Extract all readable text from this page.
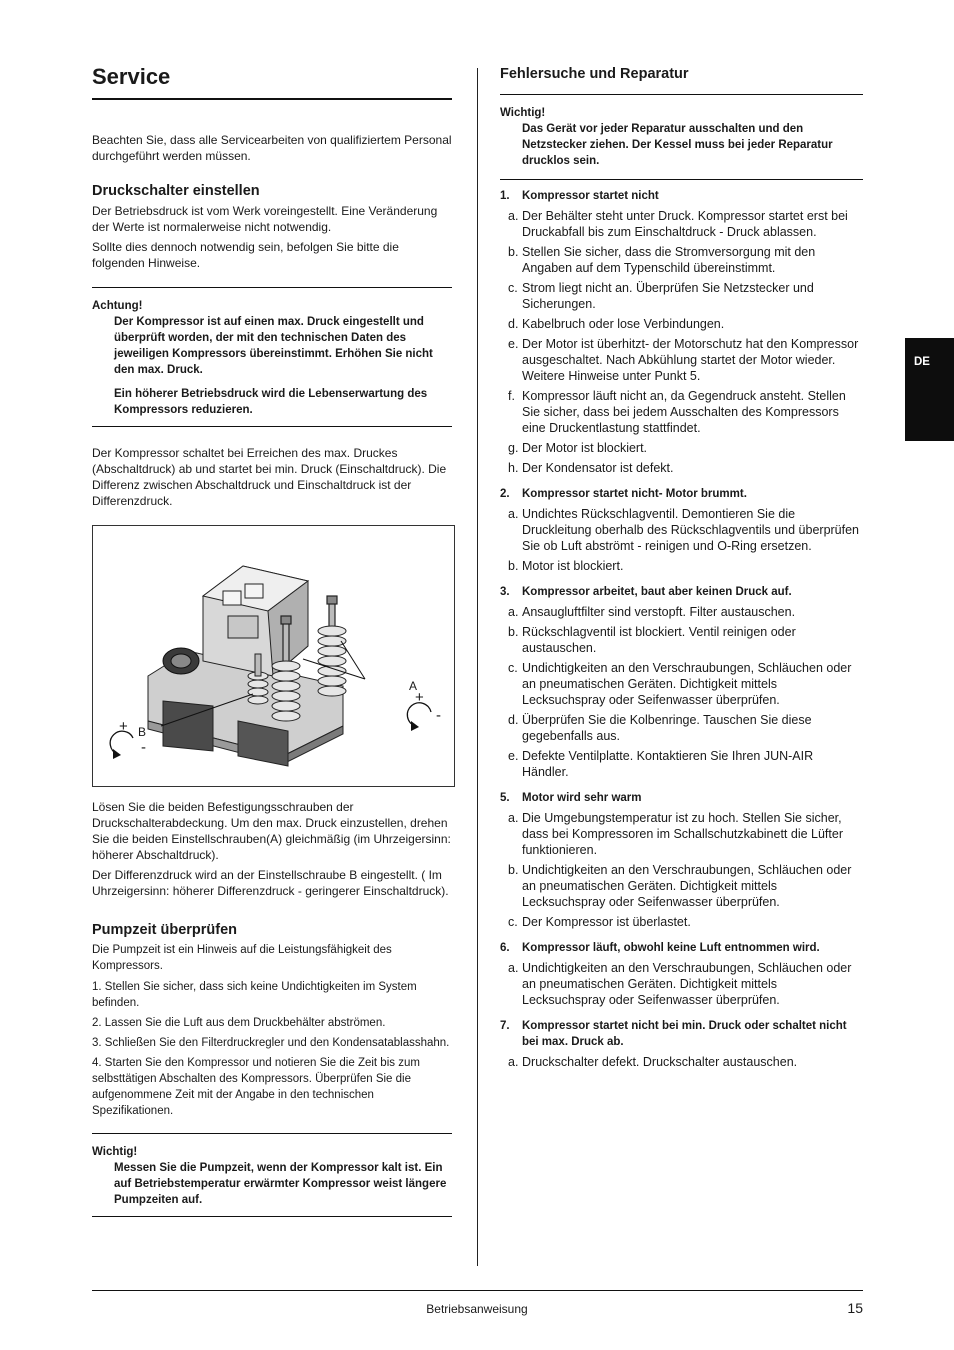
Service

Beachten Sie, dass alle Servicearbeiten von qualifiziertem Personal durchgeführt werden müssen.

Druckschalter einstellen

Der Betriebsdruck ist vom Werk voreingestellt. Eine Veränderung der Werte ist normalerweise nicht notwendig.

Sollte dies dennoch notwendig sein, befolgen Sie bitte die folgenden Hinweise.

Achtung!

Der Kompressor ist auf einen max. Druck eingestellt und überprüft worden, der mit den technischen Daten des jeweiligen Kompressors übereinstimmt. Erhöhen Sie nicht den max. Druck.

Ein höherer Betriebsdruck wird die Lebenserwartung des Kompressors reduzieren.

Der Kompressor schaltet bei Erreichen des max. Druckes (Abschaltdruck) ab und startet bei min. Druck (Einschaltdruck). Die Differenz zwischen Abschaltdruck und Einschaltdruck ist der Differenzdruck.

A
B
+
-
+
-

Lösen Sie die beiden Befestigungsschrauben der Druckschalterabdeckung. Um den max. Druck einzustellen, drehen Sie die beiden Einstellschrauben(A) gleichmäßig (im Uhrzeigersinn: höherer Abschaltdruck).

Der Differenzdruck wird an der Einstellschraube B eingestellt. ( Im Uhrzeigersinn: höherer Differenzdruck - geringerer Einschaltdruck).

Pumpzeit überprüfen

Die Pumpzeit ist ein Hinweis auf die Leistungsfähigkeit des Kompressors.

1. Stellen Sie sicher, dass sich keine Undichtigkeiten im System befinden.

2. Lassen Sie die Luft aus dem Druckbehälter abströmen.

3. Schließen Sie den Filterdruckregler und den Kondensatablasshahn.

4. Starten Sie den Kompressor und notieren Sie die Zeit bis zum selbsttätigen Abschalten des Kompressors. Überprüfen Sie die aufgenommene Zeit mit der Angabe in den technischen Spezifikationen.

Wichtig!

Messen Sie die Pumpzeit, wenn der Kompressor kalt ist. Ein auf Betriebstemperatur erwärmter Kompressor weist längere Pumpzeiten auf.

Fehlersuche und Reparatur
Wichtig!

Das Gerät vor jeder Reparatur ausschalten und den Netzstecker ziehen. Der Kessel muss bei jeder Reparatur drucklos sein.

1.	Kompressor startet nicht
a. Der Behälter steht unter Druck. Kompressor startet erst bei Druckabfall bis zum Einschaltdruck - Druck ablassen.
b. Stellen Sie sicher, dass die Stromversorgung mit den Angaben auf dem Typenschild übereinstimmt.
c. Strom liegt nicht an. Überprüfen Sie Netzstecker und Sicherungen.
d. Kabelbruch oder lose Verbindungen.
e. Der Motor ist überhitzt- der Motorschutz hat den Kompressor ausgeschaltet. Nach Abkühlung startet der Motor wieder. Weitere Hinweise unter Punkt 5.
f. Kompressor läuft nicht an, da Gegendruck ansteht. Stellen Sie sicher, dass bei jedem Ausschalten des Kompressors eine Druckentlastung stattfindet.
g. Der Motor ist blockiert.
h. Der Kondensator ist defekt.
2.	Kompressor startet nicht- Motor brummt.
a. Undichtes Rückschlagventil. Demontieren Sie die Druckleitung oberhalb des Rückschlagventils und überprüfen Sie ob Luft abströmt - reinigen und O-Ring ersetzen.
b. Motor ist blockiert.
3.	Kompressor arbeitet, baut aber keinen Druck auf.
a. Ansaugluftfilter sind verstopft. Filter austauschen.
b. Rückschlagventil ist blockiert. Ventil reinigen oder austauschen.
c. Undichtigkeiten an den Verschraubungen, Schläuchen oder an pneumatischen Geräten. Dichtigkeit mittels Lecksuchspray oder Seifenwasser überprüfen.
d. Überprüfen Sie die Kolbenringe. Tauschen Sie diese gegebenfalls aus.
e. Defekte Ventilplatte. Kontaktieren Sie Ihren JUN-AIR Händler.
5.	Motor wird sehr warm
a. Die Umgebungstemperatur ist zu hoch. Stellen Sie sicher, dass bei Kompressoren im Schallschutzkabinett die Lüfter funktionieren.
b. Undichtigkeiten an den Verschraubungen, Schläuchen oder an pneumatischen Geräten. Dichtigkeit mittels Lecksuchspray oder Seifenwasser überprüfen.
c. Der Kompressor ist überlastet.
6.	Kompressor läuft, obwohl keine Luft entnommen wird.
a. Undichtigkeiten an den Verschraubungen, Schläuchen oder an pneumatischen Geräten. Dichtigkeit mittels Lecksuchspray oder Seifenwasser überprüfen.
7.	Kompressor startet nicht bei min. Druck oder schaltet nicht bei max. Druck ab.
a. Druckschalter defekt. Druckschalter austauschen.
DE
Betriebsanweisung	15
